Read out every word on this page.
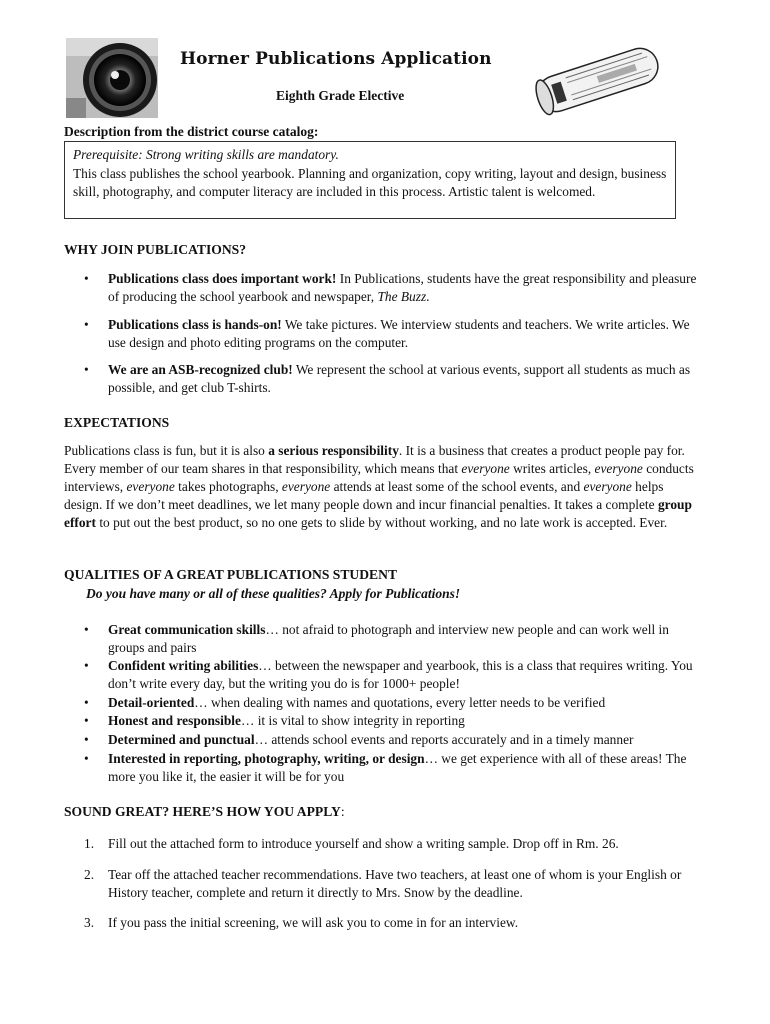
Horner Publications Application
Eighth Grade Elective
Description from the district course catalog:

Prerequisite: Strong writing skills are mandatory.

This class publishes the school yearbook. Planning and organization, copy writing, layout and design, business skill, photography, and computer literacy are included in this process. Artistic talent is welcomed.

WHY JOIN PUBLICATIONS?
•	Publications class does important work! In Publications, students have the great responsibility and pleasure of producing the school yearbook and newspaper, The Buzz.
•	Publications class is hands-on! We take pictures. We interview students and teachers. We write articles. We use design and photo editing programs on the computer.
•	We are an ASB-recognized club! We represent the school at various events, support all students as much as possible, and get club T-shirts.
EXPECTATIONS
Publications class is fun, but it is also a serious responsibility. It is a business that creates a product people pay for. Every member of our team shares in that responsibility, which means that everyone writes articles, everyone conducts interviews, everyone takes photographs, everyone attends at least some of the school events, and everyone helps design. If we don’t meet deadlines, we let many people down and incur financial penalties. It takes a complete group effort to put out the best product, so no one gets to slide by without working, and no late work is accepted. Ever.
QUALITIES OF A GREAT PUBLICATIONS STUDENT
Do you have many or all of these qualities? Apply for Publications!
•	Great communication skills… not afraid to photograph and interview new people and can work well in groups and pairs
•	Confident writing abilities… between the newspaper and yearbook, this is a class that requires writing. You don’t write every day, but the writing you do is for 1000+ people!
•	Detail-oriented… when dealing with names and quotations, every letter needs to be verified
•	Honest and responsible… it is vital to show integrity in reporting
•	Determined and punctual… attends school events and reports accurately and in a timely manner
•	Interested in reporting, photography, writing, or design… we get experience with all of these areas! The more you like it, the easier it will be for you
SOUND GREAT? HERE’S HOW YOU APPLY:
1. Fill out the attached form to introduce yourself and show a writing sample. Drop off in Rm. 26.
2. Tear off the attached teacher recommendations. Have two teachers, at least one of whom is your English or History teacher, complete and return it directly to Mrs. Snow by the deadline.
3. If you pass the initial screening, we will ask you to come in for an interview.
